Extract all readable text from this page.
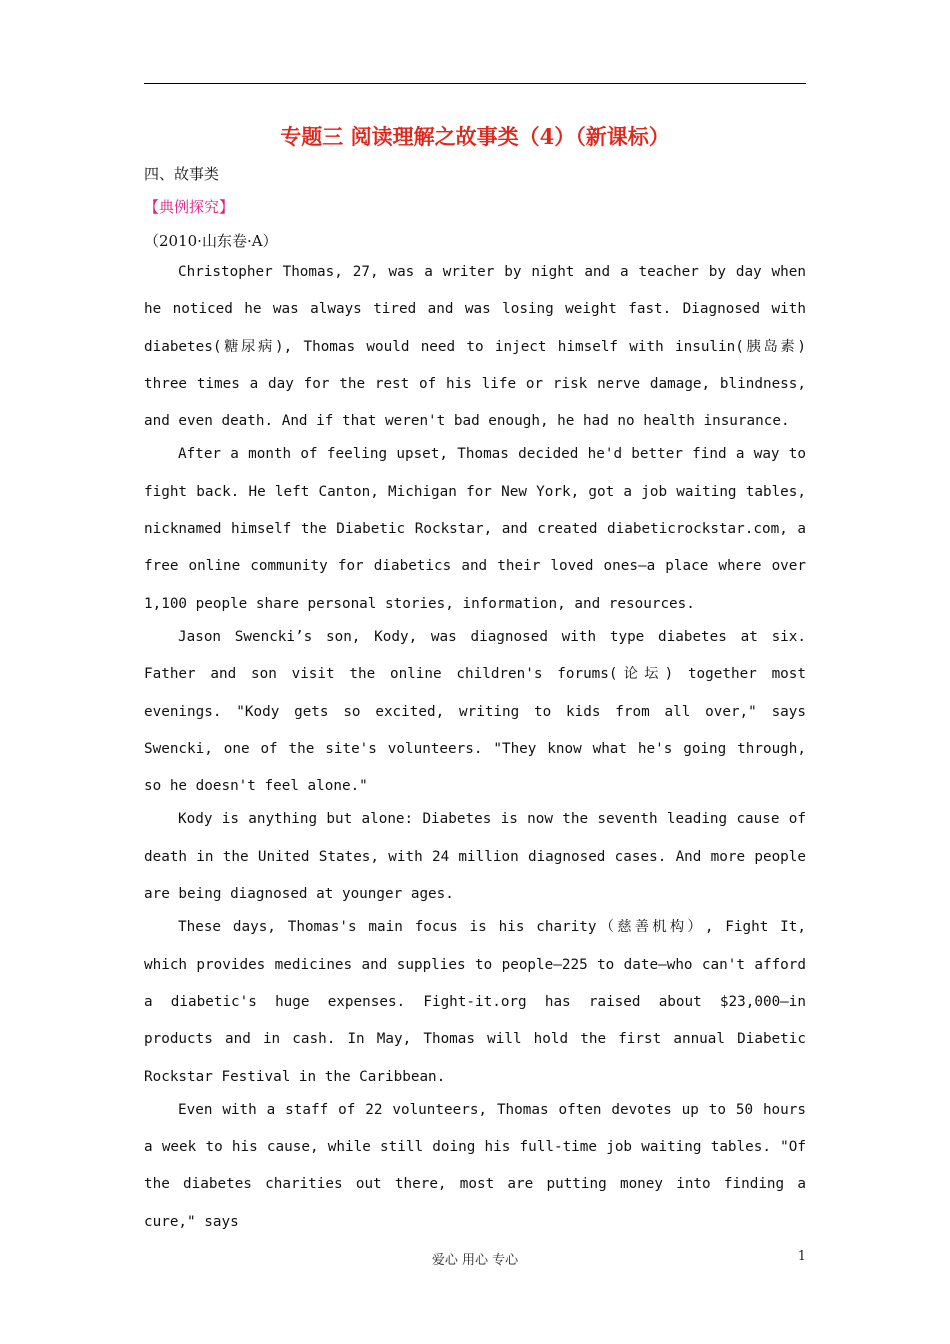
专题三 阅读理解之故事类（4）（新课标）
四、故事类
【典例探究】
（2010·山东卷·A）

Christopher Thomas, 27, was a writer by night and a teacher by day when he noticed he was always tired and was losing weight fast. Diagnosed with diabetes(糖尿病), Thomas would need to inject himself with insulin(胰岛素) three times a day for the rest of his life or risk nerve damage, blindness, and even death. And if that weren't bad enough, he had no health insurance.

After a month of feeling upset, Thomas decided he'd better find a way to fight back. He left Canton, Michigan for New York, got a job waiting tables, nicknamed himself the Diabetic Rockstar, and created diabeticrockstar.com, a free online community for diabetics and their loved ones—a place where over 1,100 people share personal stories, information, and resources.

Jason Swencki’s son, Kody, was diagnosed with type diabetes at six. Father and son visit the online children's forums(论坛) together most evenings. "Kody gets so excited, writing to kids from all over," says Swencki, one of the site's volunteers. "They know what he's going through, so he doesn't feel alone."

Kody is anything but alone: Diabetes is now the seventh leading cause of death in the United States, with 24 million diagnosed cases. And more people are being diagnosed at younger ages.

These days, Thomas's main focus is his charity（慈善机构）, Fight It, which provides medicines and supplies to people—225 to date—who can't afford a diabetic's huge expenses. Fight-it.org has raised about $23,000—in products and in cash. In May, Thomas will hold the first annual Diabetic Rockstar Festival in the Caribbean.

Even with a staff of 22 volunteers, Thomas often devotes up to 50 hours a week to his cause, while still doing his full-time job waiting tables. "Of the diabetes charities out there, most are putting money into finding a cure," says

爱心 用心 专心	1
